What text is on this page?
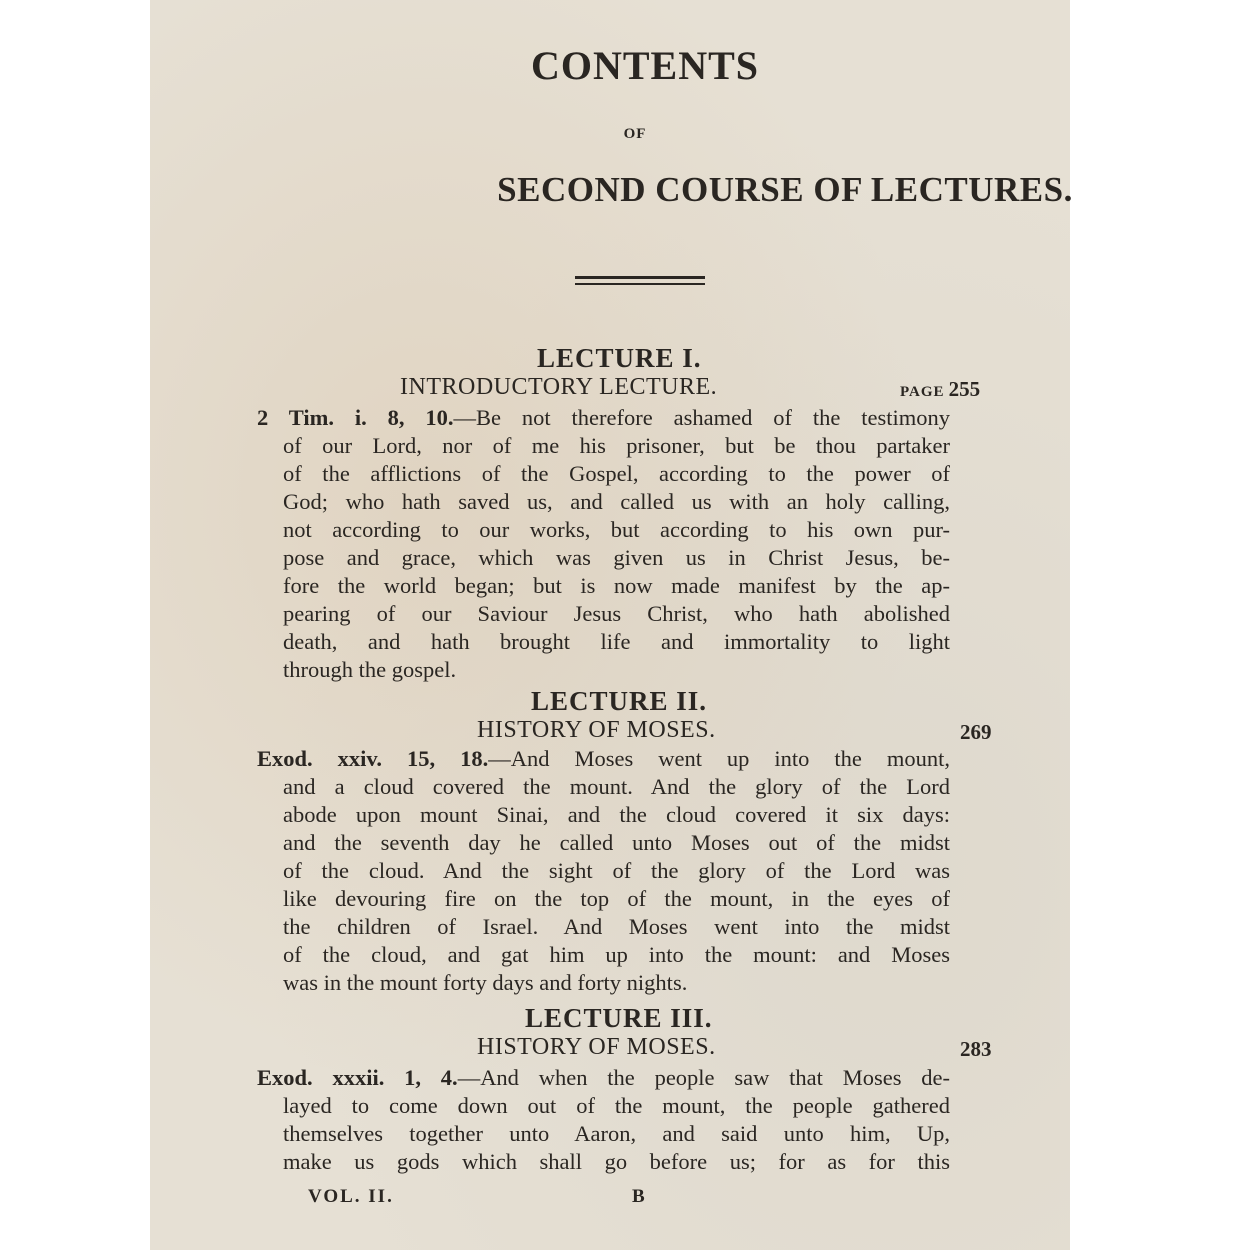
CONTENTS
OF
SECOND COURSE OF LECTURES.
LECTURE I.
INTRODUCTORY LECTURE.	PAGE 255
2 Tim. i. 8, 10.—Be not therefore ashamed of the testimony
of our Lord, nor of me his prisoner, but be thou partaker
of the afflictions of the Gospel, according to the power of
God; who hath saved us, and called us with an holy calling,
not according to our works, but according to his own pur-
pose and grace, which was given us in Christ Jesus, be-
fore the world began; but is now made manifest by the ap-
pearing of our Saviour Jesus Christ, who hath abolished
death, and hath brought life and immortality to light
through the gospel.
LECTURE II.
HISTORY OF MOSES.	269
Exod. xxiv. 15, 18.—And Moses went up into the mount,
and a cloud covered the mount. And the glory of the Lord
abode upon mount Sinai, and the cloud covered it six days:
and the seventh day he called unto Moses out of the midst
of the cloud. And the sight of the glory of the Lord was
like devouring fire on the top of the mount, in the eyes of
the children of Israel. And Moses went into the midst
of the cloud, and gat him up into the mount: and Moses
was in the mount forty days and forty nights.
LECTURE III.
HISTORY OF MOSES.	283
Exod. xxxii. 1, 4.—And when the people saw that Moses de-
layed to come down out of the mount, the people gathered
themselves together unto Aaron, and said unto him, Up,
make us gods which shall go before us; for as for this
VOL. II.	B
